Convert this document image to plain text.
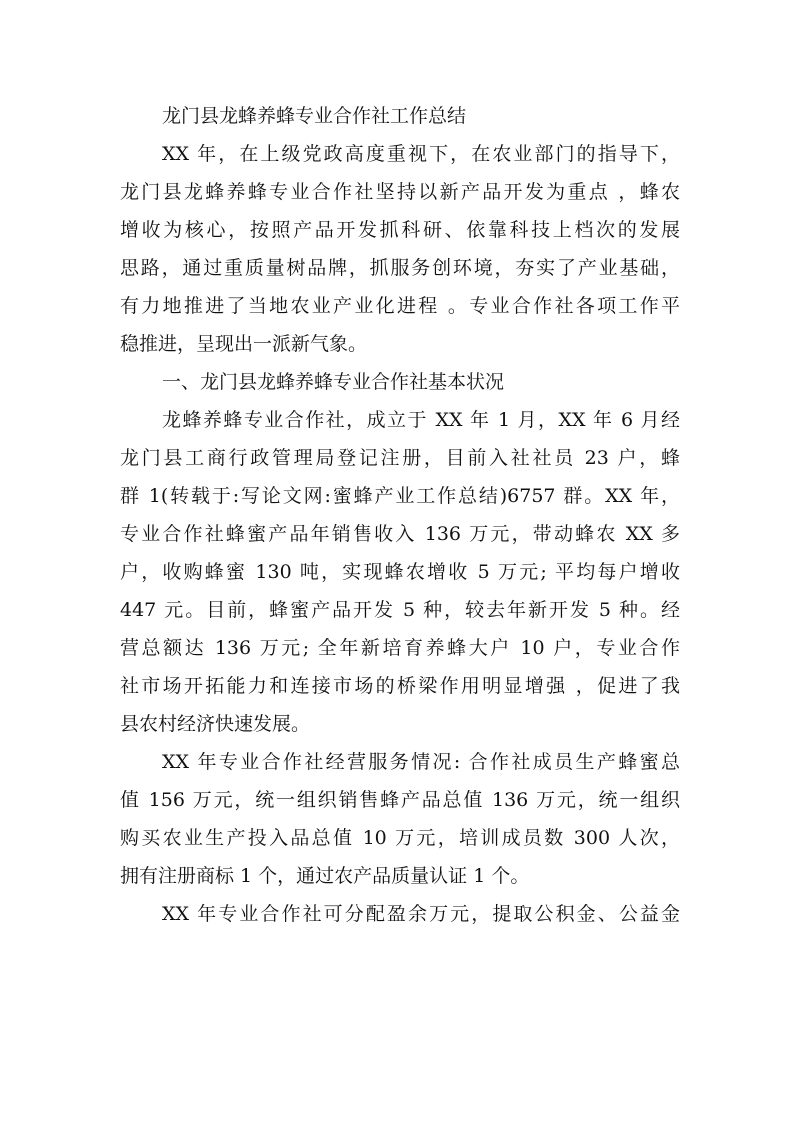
龙门县龙蜂养蜂专业合作社工作总结
XX 年，在上级党政高度重视下，在农业部门的指导下，
龙门县龙蜂养蜂专业合作社坚持以新产品开发为重点 ，蜂农
增收为核心，按照产品开发抓科研、依靠科技上档次的发展
思路，通过重质量树品牌，抓服务创环境，夯实了产业基础，
有力地推进了当地农业产业化进程 。专业合作社各项工作平
稳推进，呈现出一派新气象。
一、龙门县龙蜂养蜂专业合作社基本状况
龙蜂养蜂专业合作社，成立于 XX 年 1 月，XX 年 6 月经
龙门县工商行政管理局登记注册，目前入社社员 23 户，蜂
群 1(转载于:写论文网:蜜蜂产业工作总结)6757 群。XX 年，
专业合作社蜂蜜产品年销售收入 136 万元，带动蜂农 XX 多
户，收购蜂蜜 130 吨，实现蜂农增收 5 万元; 平均每户增收
447 元。目前，蜂蜜产品开发 5 种，较去年新开发 5 种。经
营总额达 136 万元; 全年新培育养蜂大户 10 户，专业合作
社市场开拓能力和连接市场的桥梁作用明显增强 ，促进了我
县农村经济快速发展。
XX 年专业合作社经营服务情况: 合作社成员生产蜂蜜总
值 156 万元，统一组织销售蜂产品总值 136 万元，统一组织
购买农业生产投入品总值 10 万元，培训成员数 300 人次，
拥有注册商标 1 个，通过农产品质量认证 1 个。
XX 年专业合作社可分配盈余万元，提取公积金、公益金
